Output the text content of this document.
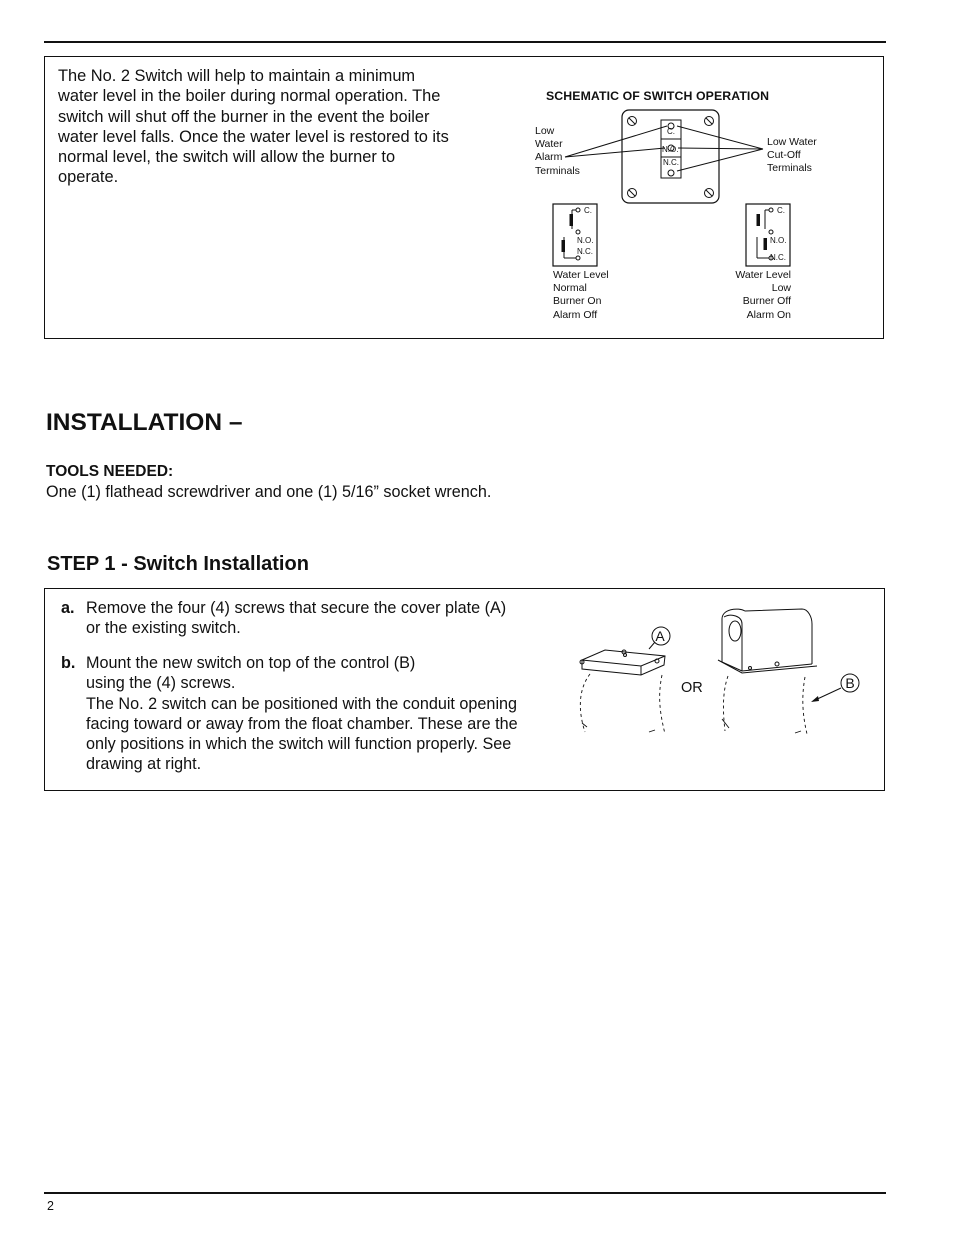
The No. 2 Switch will help to maintain a minimum water level in the boiler during normal operation. The switch will shut off the burner in the event the boiler water level falls. Once the water level is restored to its normal level, the switch will allow the burner to operate.
SCHEMATIC OF SWITCH OPERATION
Low
Water
Alarm
Terminals
Low Water
Cut-Off
Terminals
C.
N.O.
N.C.
C.
N.O.
N.C.
Water Level
Normal
Burner On
Alarm Off
C.
N.O.
N.C.
Water Level
Low
Burner Off
Alarm On
INSTALLATION –
TOOLS NEEDED:
One (1) flathead screwdriver and one (1) 5/16” socket wrench.
STEP 1 - Switch Installation
a. Remove the four (4) screws that secure the cover plate (A) or the existing switch.
b. Mount the new switch on top of the control (B) using the (4) screws.
The No. 2 switch can be positioned with the conduit opening facing toward or away from the float chamber. These are the only positions in which the switch will function properly. See drawing at right.
A
B
OR
2
